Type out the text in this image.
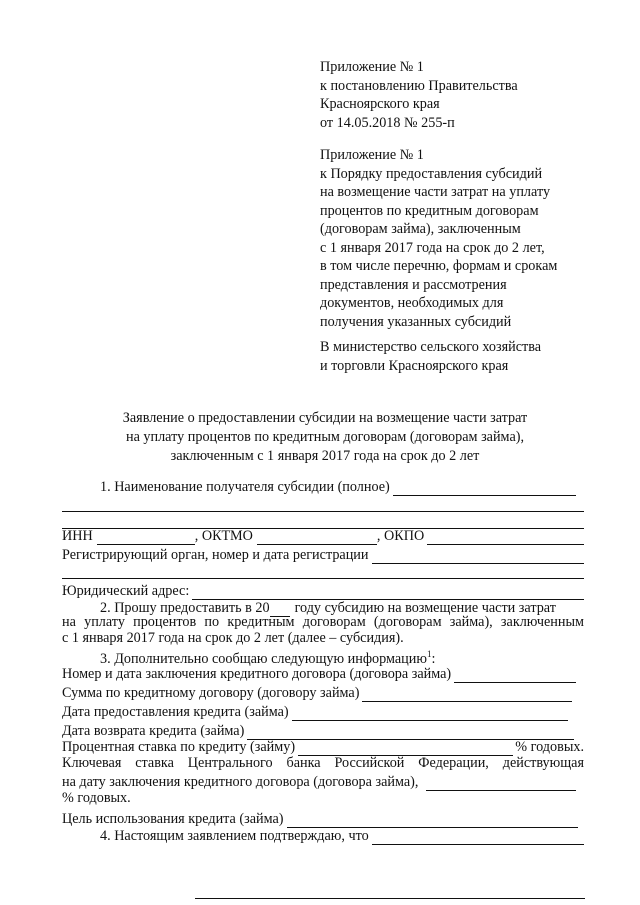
Приложение № 1
к постановлению Правительства
Красноярского края
от 14.05.2018 № 255-п
Приложение № 1
к Порядку предоставления субсидий
на возмещение части затрат на уплату
процентов по кредитным договорам
(договорам займа), заключенным
с 1 января 2017 года на срок до 2 лет,
в том числе перечню, формам и срокам
представления и рассмотрения
документов, необходимых для
получения указанных субсидий
В министерство сельского хозяйства
и торговли Красноярского края
Заявление о предоставлении субсидии на возмещение части затрат
на уплату процентов по кредитным договорам (договорам займа),
заключенным с 1 января 2017 года на срок до 2 лет
1. Наименование получателя субсидии (полное)
ИНН	, ОКТМО	, ОКПО
Регистрирующий орган, номер и дата регистрации
Юридический адрес:
2. Прошу предоставить в 20 году субсидию на возмещение части затрат
на уплату процентов по кредитным договорам (договорам займа), заключенным
с 1 января 2017 года на срок до 2 лет (далее – субсидия).
3. Дополнительно сообщаю следующую информацию$^1$:
Номер и дата заключения кредитного договора (договора займа)
Сумма по кредитному договору (договору займа)
Дата предоставления кредита (займа)
Дата возврата кредита (займа)
Процентная ставка по кредиту (займу)	% годовых.
Ключевая ставка Центрального банка Российской Федерации, действующая
на дату заключения кредитного договора (договора займа),
% годовых.
Цель использования кредита (займа)
4. Настоящим заявлением подтверждаю, что
